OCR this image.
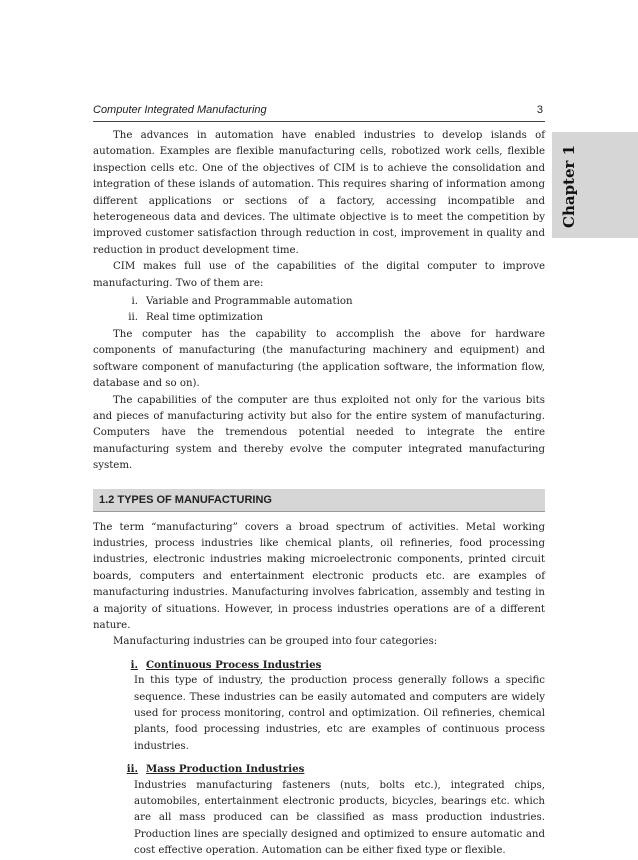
Computer Integrated Manufacturing	3
Chapter 1

The advances in automation have enabled industries to develop islands of automation. Examples are flexible manufacturing cells, robotized work cells, flexible inspection cells etc. One of the objectives of CIM is to achieve the consolidation and integration of these islands of automation. This requires sharing of information among different applications or sections of a factory, accessing incompatible and heterogeneous data and devices. The ultimate objective is to meet the competition by improved customer satisfaction through reduction in cost, improvement in quality and reduction in product development time.

CIM makes full use of the capabilities of the digital computer to improve manufacturing. Two of them are:

i. Variable and Programmable automation
ii. Real time optimization

The computer has the capability to accomplish the above for hardware components of manufacturing (the manufacturing machinery and equipment) and software component of manufacturing (the application software, the information flow, database and so on).

The capabilities of the computer are thus exploited not only for the various bits and pieces of manufacturing activity but also for the entire system of manufacturing. Computers have the tremendous potential needed to integrate the entire manufacturing system and thereby evolve the computer integrated manufacturing system.

1.2 TYPES OF MANUFACTURING

The term “manufacturing” covers a broad spectrum of activities. Metal working industries, process industries like chemical plants, oil refineries, food processing industries, electronic industries making microelectronic components, printed circuit boards, computers and entertainment electronic products etc. are examples of manufacturing industries. Manufacturing involves fabrication, assembly and testing in a majority of situations. However, in process industries operations are of a different nature.

Manufacturing industries can be grouped into four categories:

i. Continuous Process Industries

In this type of industry, the production process generally follows a specific sequence. These industries can be easily automated and computers are widely used for process monitoring, control and optimization. Oil refineries, chemical plants, food processing industries, etc are examples of continuous process industries.

ii. Mass Production Industries

Industries manufacturing fasteners (nuts, bolts etc.), integrated chips, automobiles, entertainment electronic products, bicycles, bearings etc. which are all mass produced can be classified as mass production industries. Production lines are specially designed and optimized to ensure automatic and cost effective operation. Automation can be either fixed type or flexible.
